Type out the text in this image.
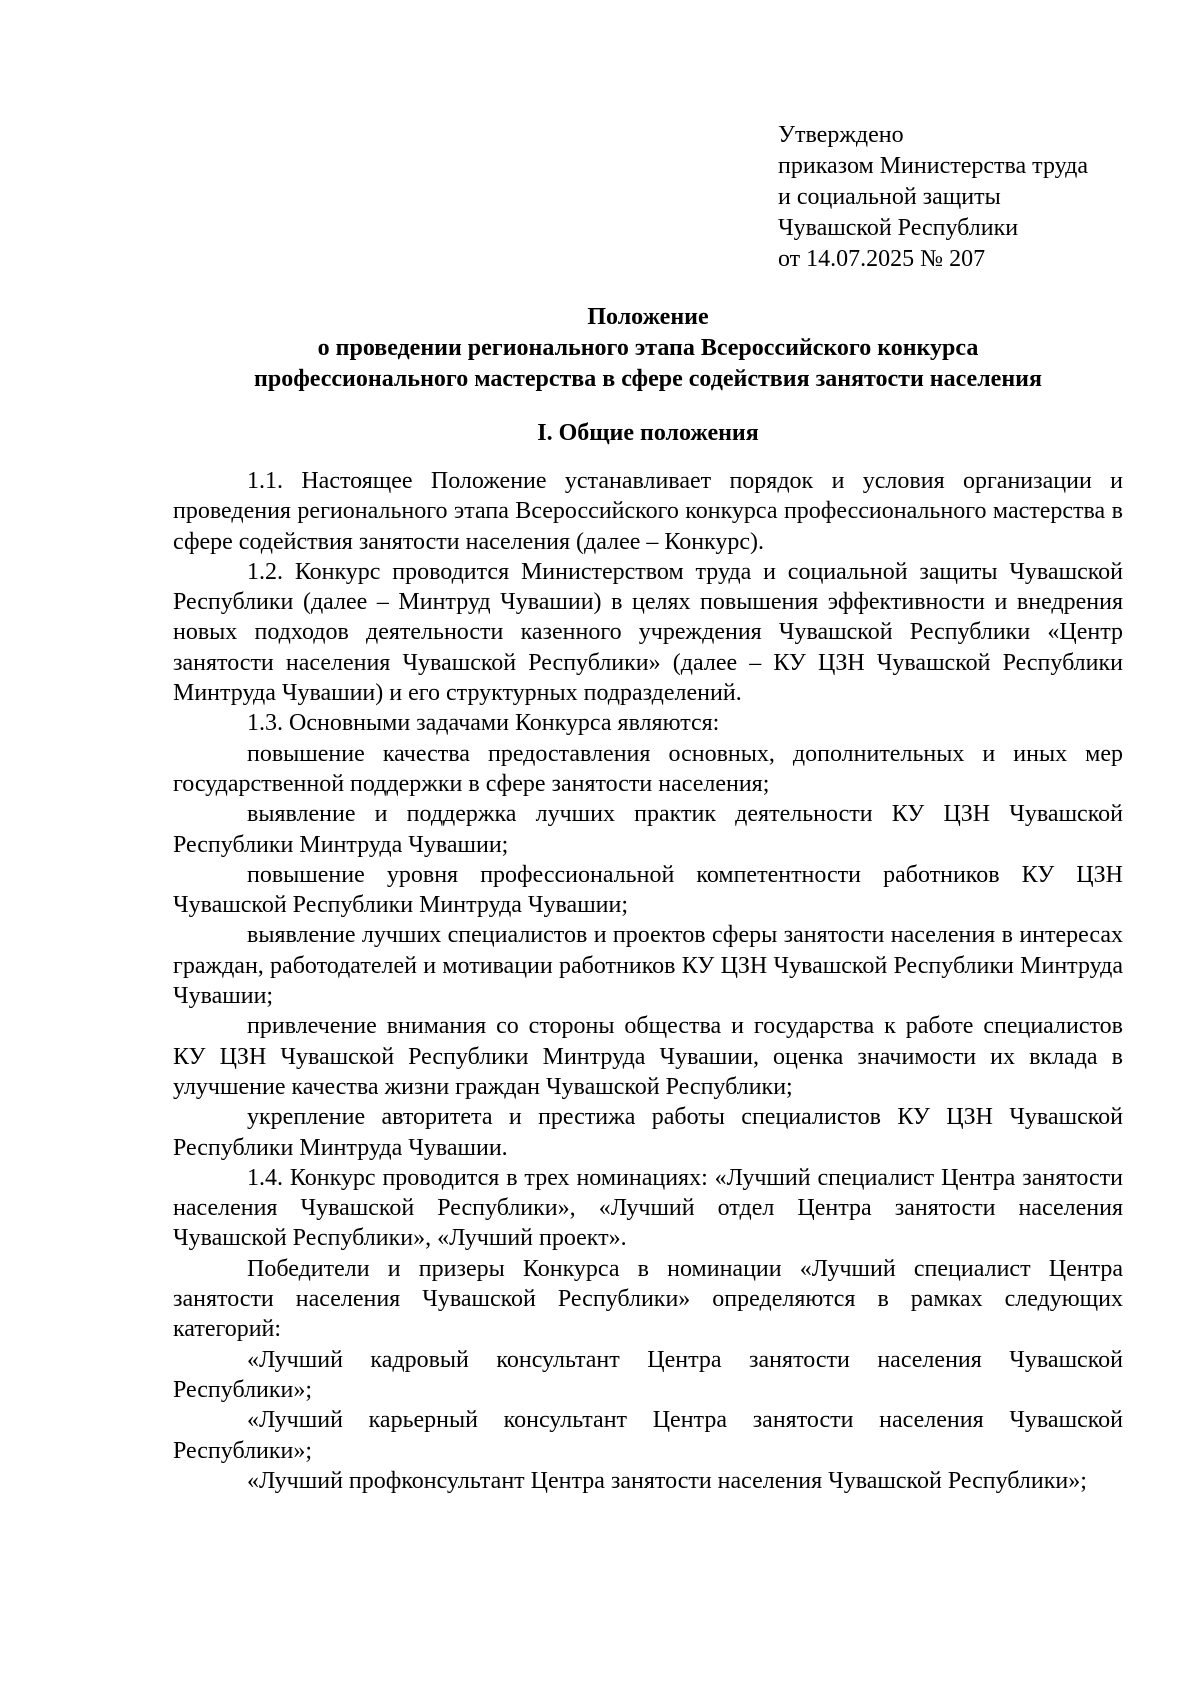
Утверждено
приказом Министерства труда
и социальной защиты
Чувашской Республики
от 14.07.2025 № 207
Положение
о проведении регионального этапа Всероссийского конкурса
профессионального мастерства в сфере содействия занятости населения
I. Общие положения

1.1. Настоящее Положение устанавливает порядок и условия организации и проведения регионального этапа Всероссийского конкурса профессионального мастерства в сфере содействия занятости населения (далее – Конкурс).

1.2. Конкурс проводится Министерством труда и социальной защиты Чувашской Республики (далее – Минтруд Чувашии) в целях повышения эффективности и внедрения новых подходов деятельности казенного учреждения Чувашской Республики «Центр занятости населения Чувашской Республики» (далее – КУ ЦЗН Чувашской Республики Минтруда Чувашии) и его структурных подразделений.

1.3. Основными задачами Конкурса являются:

повышение качества предоставления основных, дополнительных и иных мер государственной поддержки в сфере занятости населения;

выявление и поддержка лучших практик деятельности КУ ЦЗН Чувашской Республики Минтруда Чувашии;

повышение уровня профессиональной компетентности работников КУ ЦЗН Чувашской Республики Минтруда Чувашии;

выявление лучших специалистов и проектов сферы занятости населения в интересах граждан, работодателей и мотивации работников КУ ЦЗН Чувашской Республики Минтруда Чувашии;

привлечение внимания со стороны общества и государства к работе специалистов КУ ЦЗН Чувашской Республики Минтруда Чувашии, оценка значимости их вклада в улучшение качества жизни граждан Чувашской Республики;

укрепление авторитета и престижа работы специалистов КУ ЦЗН Чувашской Республики Минтруда Чувашии.

1.4. Конкурс проводится в трех номинациях: «Лучший специалист Центра занятости населения Чувашской Республики», «Лучший отдел Центра занятости населения Чувашской Республики», «Лучший проект».

Победители и призеры Конкурса в номинации «Лучший специалист Центра занятости населения Чувашской Республики» определяются в рамках следующих категорий:

«Лучший кадровый консультант Центра занятости населения Чувашской Республики»;

«Лучший карьерный консультант Центра занятости населения Чувашской Республики»;

«Лучший профконсультант Центра занятости населения Чувашской Республики»;
